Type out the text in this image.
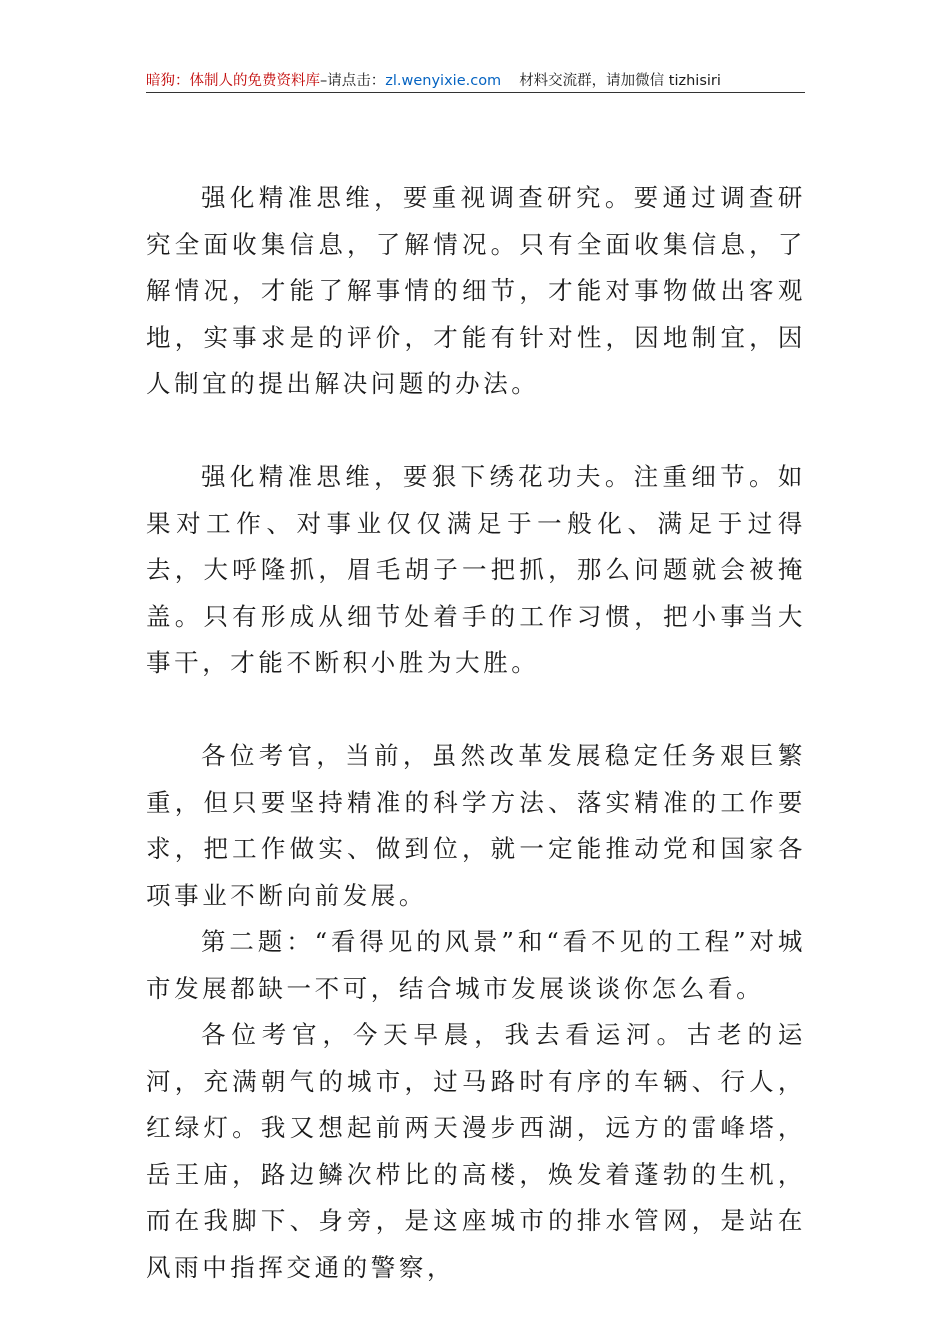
暗狗：体制人的免费资料库–请点击：zl.wenyixie.com 材料交流群，请加微信 tizhisiri

强化精准思维，要重视调查研究。要通过调查研究全面收集信息，了解情况。只有全面收集信息，了解情况，才能了解事情的细节，才能对事物做出客观地，实事求是的评价，才能有针对性，因地制宜，因人制宜的提出解决问题的办法。

强化精准思维，要狠下绣花功夫。注重细节。如果对工作、对事业仅仅满足于一般化、满足于过得去，大呼隆抓，眉毛胡子一把抓，那么问题就会被掩盖。只有形成从细节处着手的工作习惯，把小事当大事干，才能不断积小胜为大胜。

各位考官，当前，虽然改革发展稳定任务艰巨繁重，但只要坚持精准的科学方法、落实精准的工作要求，把工作做实、做到位，就一定能推动党和国家各项事业不断向前发展。

第二题：“看得见的风景”和“看不见的工程”对城市发展都缺一不可，结合城市发展谈谈你怎么看。

各位考官，今天早晨，我去看运河。古老的运河，充满朝气的城市，过马路时有序的车辆、行人，红绿灯。我又想起前两天漫步西湖，远方的雷峰塔，岳王庙，路边鳞次栉比的高楼，焕发着蓬勃的生机，而在我脚下、身旁，是这座城市的排水管网，是站在风雨中指挥交通的警察，
